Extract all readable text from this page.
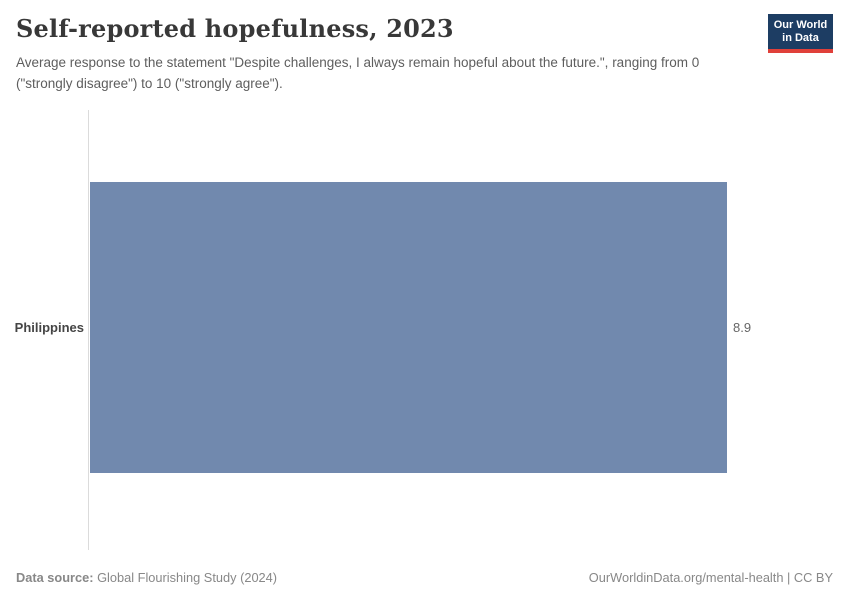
Self-reported hopefulness, 2023
Average response to the statement "Despite challenges, I always remain hopeful about the future.", ranging from 0 ("strongly disagree") to 10 ("strongly agree").
Our World
in Data
Philippines	8.9
Data source: Global Flourishing Study (2024)	OurWorldinData.org/mental-health | CC BY
